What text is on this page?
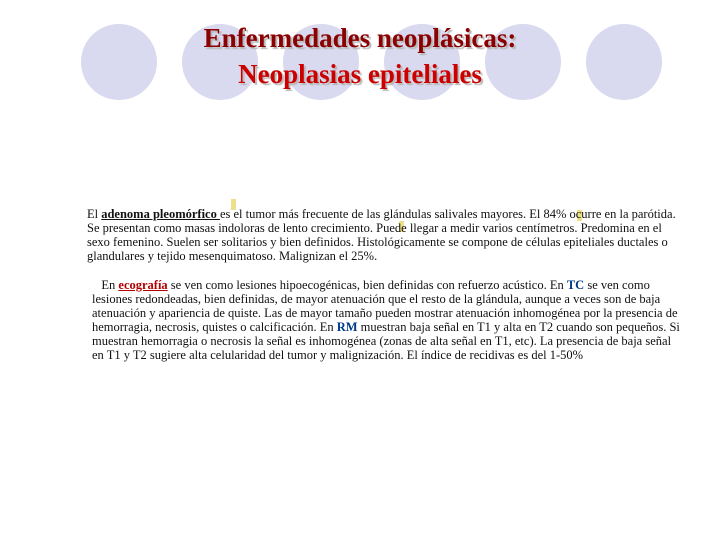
Enfermedades neoplásicas:
Neoplasias epiteliales
El adenoma pleomórfico es el tumor más frecuente de las glándulas salivales mayores. El 84% ocurre en la parótida. Se presentan como masas indoloras de lento crecimiento. Puede llegar a medir varios centímetros. Predomina en el sexo femenino. Suelen ser solitarios y bien definidos. Histológicamente se compone de células epiteliales ductales o glandulares y tejido mesenquimatoso. Malignizan el 25%.
En ecografía se ven como lesiones hipoecogénicas, bien definidas con refuerzo acústico. En TC se ven como lesiones redondeadas, bien definidas, de mayor atenuación que el resto de la glándula, aunque a veces son de baja atenuación y apariencia de quiste. Las de mayor tamaño pueden mostrar atenuación inhomogénea por la presencia de hemorragia, necrosis, quistes o calcificación. En RM muestran baja señal en T1 y alta en T2 cuando son pequeños. Si muestran hemorragia o necrosis la señal es inhomogénea (zonas de alta señal en T1, etc). La presencia de baja señal en T1 y T2 sugiere alta celularidad del tumor y malignización. El índice de recidivas es del 1-50%
